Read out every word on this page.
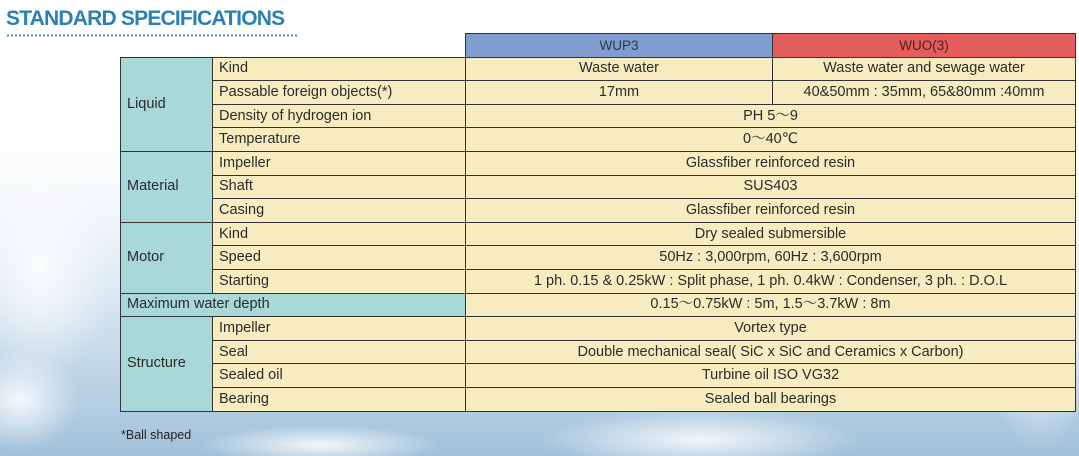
STANDARD SPECIFICATIONS
		WUP3	WUO(3)
Liquid	Kind	Waste water	Waste water and sewage water
	Passable foreign objects(*)	17mm	40&50mm : 35mm, 65&80mm :40mm
	Density of hydrogen ion	PH 5～9	
	Temperature	0～40℃	
Material	Impeller	Glassfiber reinforced resin	
	Shaft	SUS403	
	Casing	Glassfiber reinforced resin	
Motor	Kind	Dry sealed submersible	
	Speed	50Hz : 3,000rpm, 60Hz : 3,600rpm	
	Starting	1 ph. 0.15 & 0.25kW : Split phase, 1 ph. 0.4kW : Condenser, 3 ph. : D.O.L	
Maximum water depth		0.15～0.75kW : 5m, 1.5～3.7kW : 8m	
Structure	Impeller	Vortex type	
	Seal	Double mechanical seal( SiC x SiC and Ceramics x Carbon)	
	Sealed oil	Turbine oil ISO VG32	
	Bearing	Sealed ball bearings	
*Ball shaped
